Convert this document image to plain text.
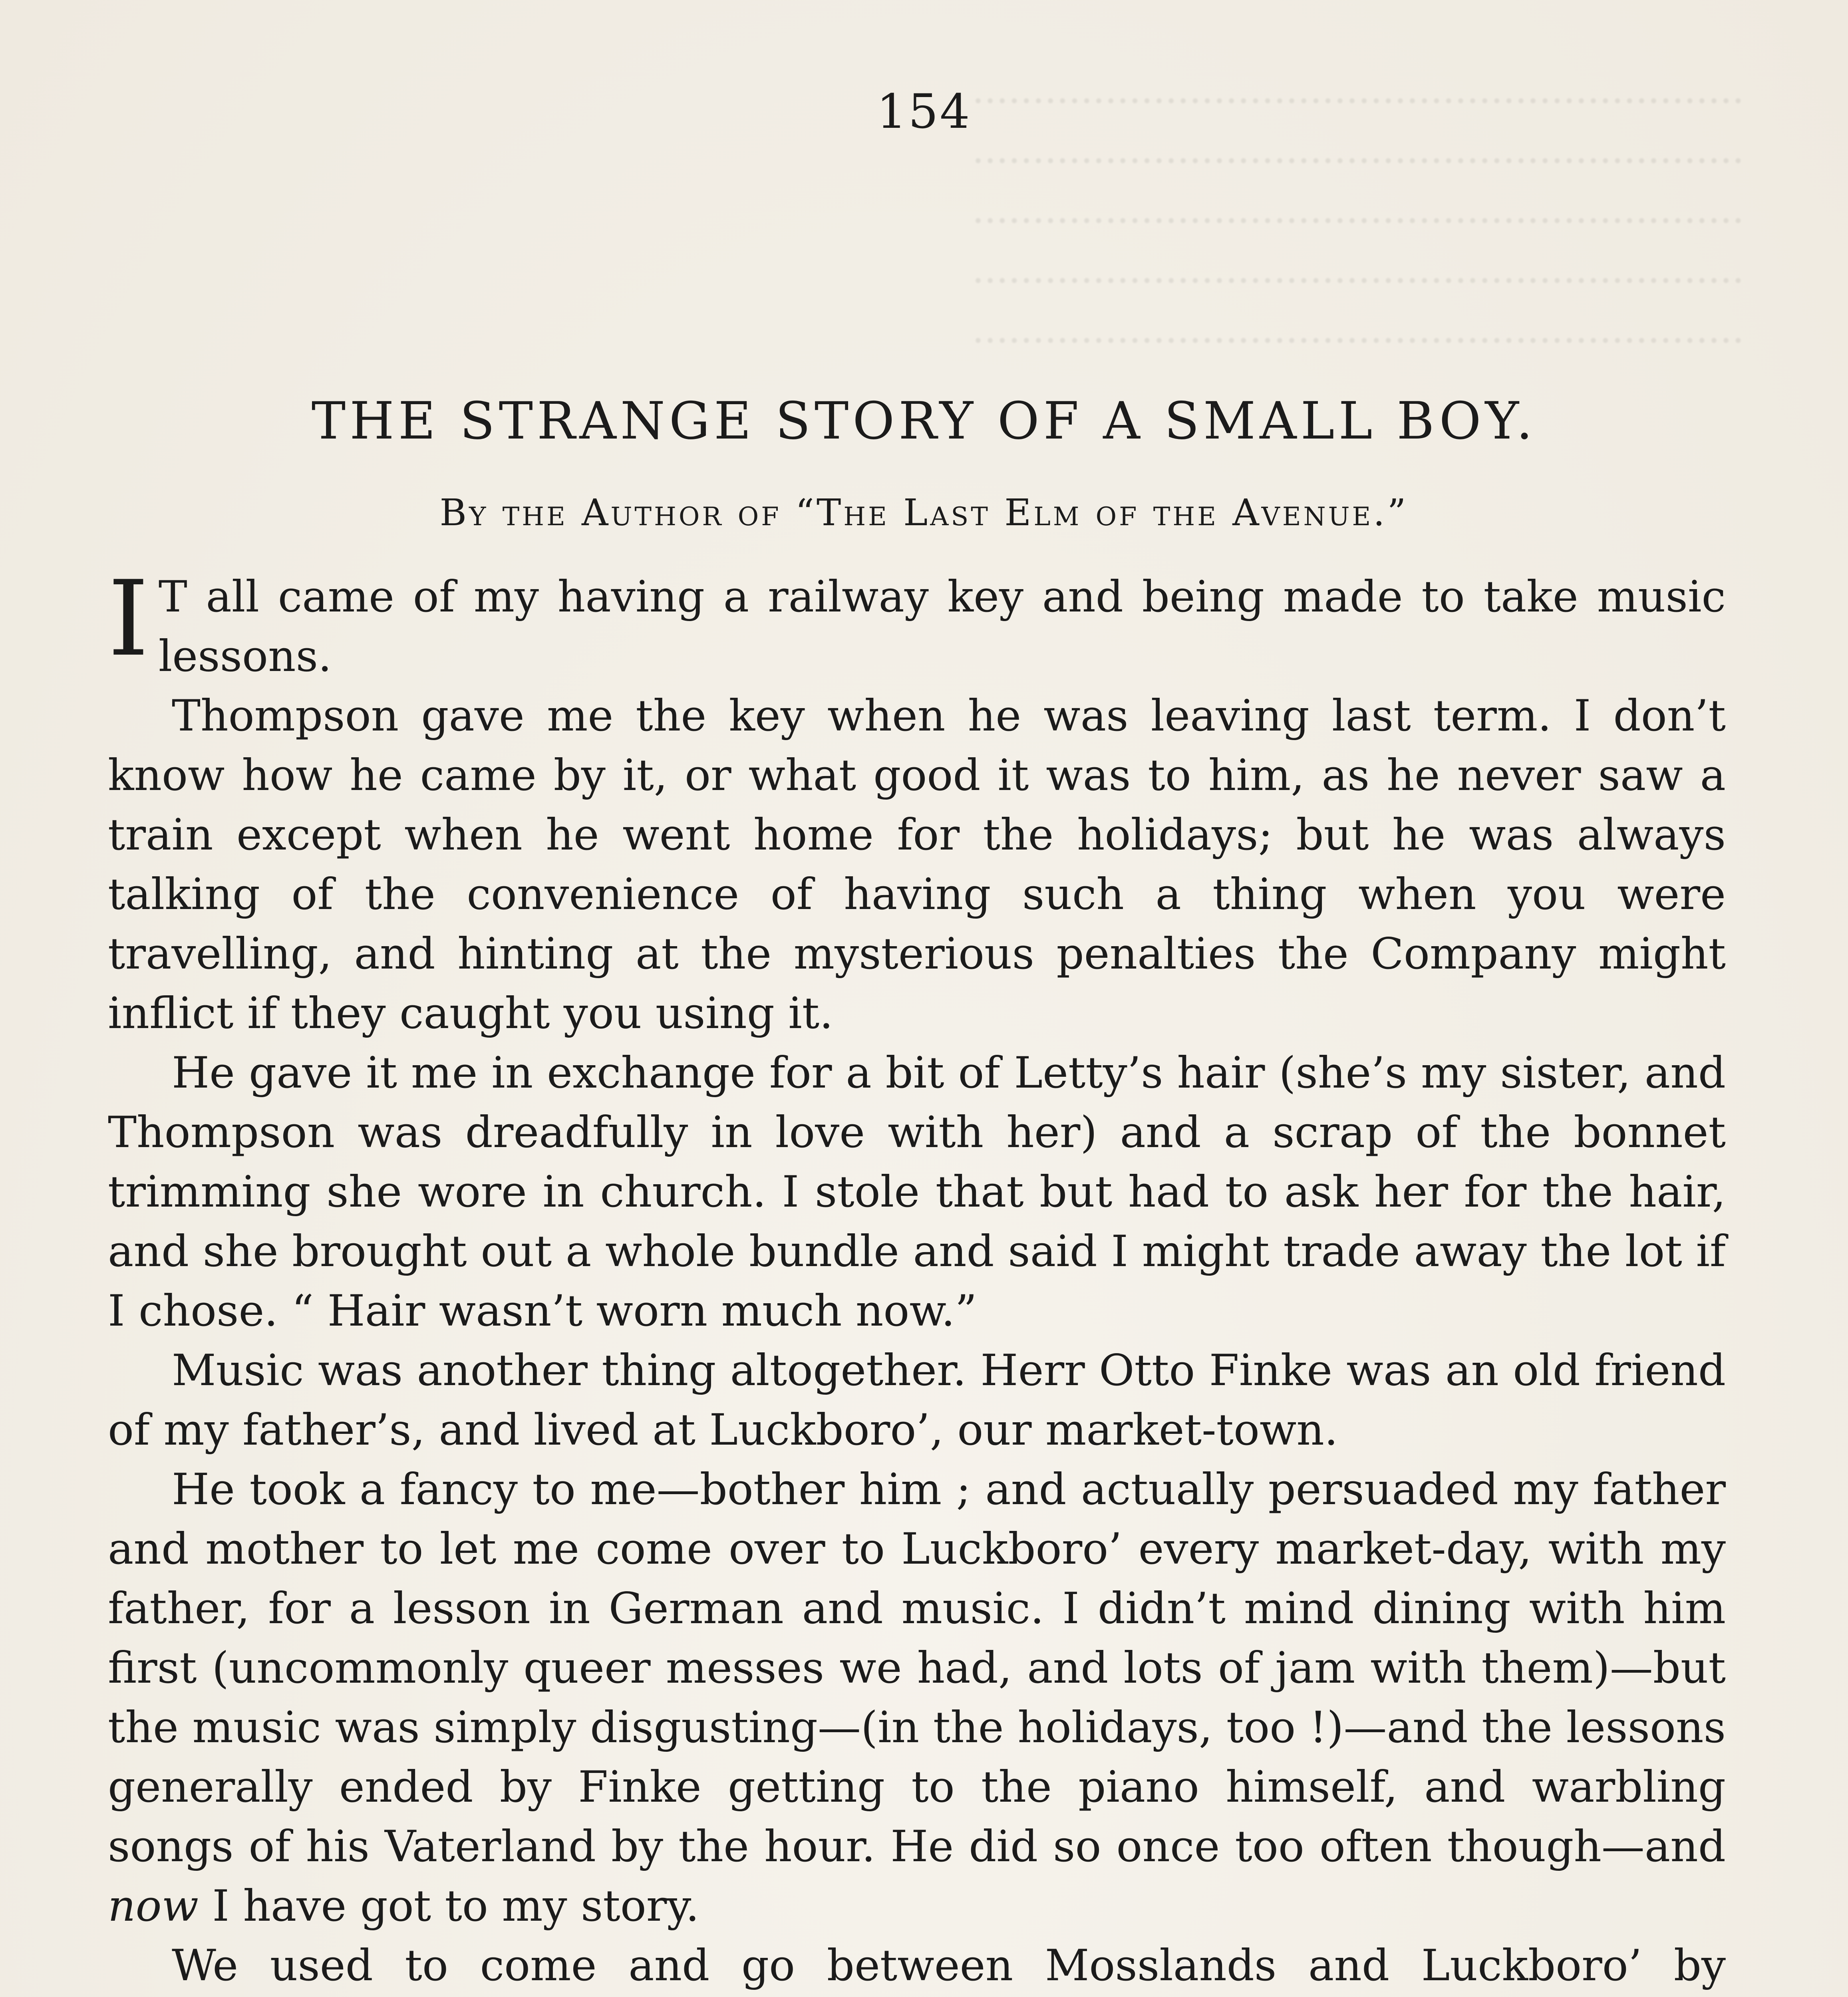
................................................................
................................................................
................................................................
................................................................
................................................................
154
THE STRANGE STORY OF A SMALL BOY.
By the Author of “The Last Elm of the Avenue.”

I T all came of my having a railway key and being made to take music lessons.

Thompson gave me the key when he was leaving last term. I don’t know how he came by it, or what good it was to him, as he never saw a train except when he went home for the holidays; but he was always talking of the convenience of having such a thing when you were travelling, and hinting at the mysterious penalties the Company might inflict if they caught you using it.

He gave it me in exchange for a bit of Letty’s hair (she’s my sister, and Thompson was dreadfully in love with her) and a scrap of the bonnet trimming she wore in church. I stole that but had to ask her for the hair, and she brought out a whole bundle and said I might trade away the lot if I chose. “ Hair wasn’t worn much now.”

Music was another thing altogether. Herr Otto Finke was an old friend of my father’s, and lived at Luckboro’, our market-town.

He took a fancy to me—bother him ; and actually persuaded my father and mother to let me come over to Luckboro’ every market-day, with my father, for a lesson in German and music. I didn’t mind dining with him first (uncommonly queer messes we had, and lots of jam with them)—but the music was simply disgusting—(in the holidays, too !)—and the lessons generally ended by Finke getting to the piano himself, and warbling songs of his Vaterland by the hour. He did so once too often though—and now I have got to my story.

We used to come and go between Mosslands and Luckboro’ by
